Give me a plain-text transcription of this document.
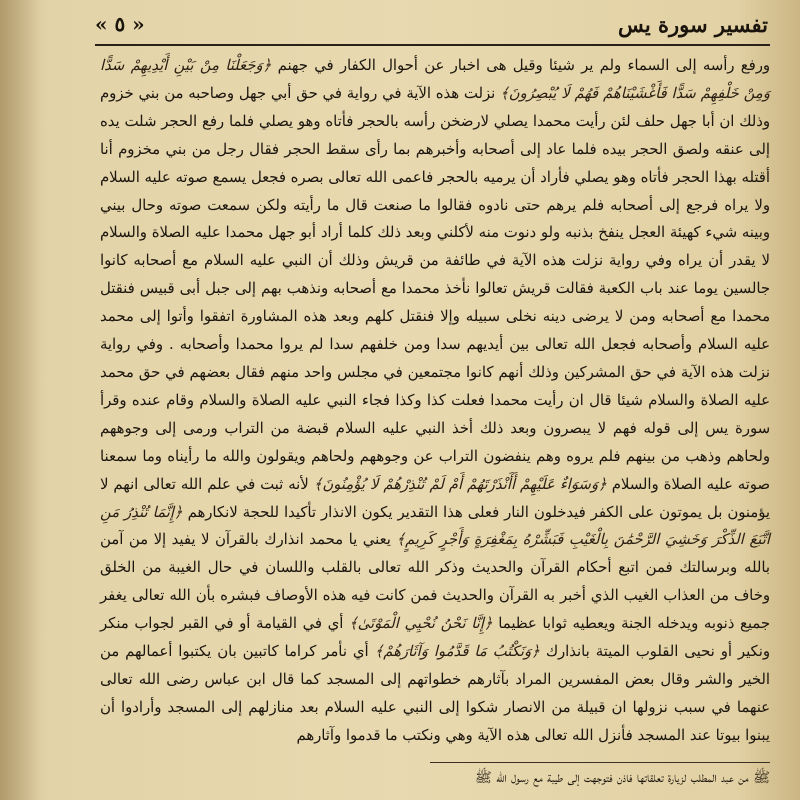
تفسير سورة يس
« ٥ »

ورفع رأسه إلى السماء ولم ير شيئا وقيل هى اخبار عن أحوال الكفار في جهنم ﴿وَجَعَلْنَا مِنْ بَيْنِ أَيْدِيهِمْ سَدًّا وَمِنْ خَلْفِهِمْ سَدًّا فَأَغْشَيْنَاهُمْ فَهُمْ لَا يُبْصِرُونَ﴾ نزلت هذه الآية في رواية في حق أبي جهل وصاحبه من بني خزوم وذلك ان أبا جهل حلف لئن رأيت محمدا يصلي لارضخن رأسه بالحجر فأتاه وهو يصلي فلما رفع الحجر شلت يده إلى عنقه ولصق الحجر بيده فلما عاد إلى أصحابه وأخبرهم بما رأى سقط الحجر فقال رجل من بني مخزوم أنا أقتله بهذا الحجر فأتاه وهو يصلي فأراد أن يرميه بالحجر فاعمى الله تعالى بصره فجعل يسمع صوته عليه السلام ولا يراه فرجع إلى أصحابه فلم يرهم حتى نادوه فقالوا ما صنعت قال ما رأيته ولكن سمعت صوته وحال بيني وبينه شيء كهيئة العجل ينفخ بذنبه ولو دنوت منه لأكلني وبعد ذلك كلما أراد أبو جهل محمدا عليه الصلاة والسلام لا يقدر أن يراه وفي رواية نزلت هذه الآية في طائفة من قريش وذلك أن النبي عليه السلام مع أصحابه كانوا جالسين يوما عند باب الكعبة فقالت قريش تعالوا نأخذ محمدا مع أصحابه ونذهب بهم إلى جبل أبى قبيس فنقتل محمدا مع أصحابه ومن لا يرضى دينه نخلى سبيله وإلا فنقتل كلهم وبعد هذه المشاورة اتفقوا وأتوا إلى محمد عليه السلام وأصحابه فجعل الله تعالى بين أيديهم سدا ومن خلفهم سدا لم يروا محمدا وأصحابه . وفي رواية نزلت هذه الآية في حق المشركين وذلك أنهم كانوا مجتمعين في مجلس واحد منهم فقال بعضهم في حق محمد عليه الصلاة والسلام شيئا قال ان رأيت محمدا فعلت كذا وكذا فجاء النبي عليه الصلاة والسلام وقام عنده وقرأ سورة يس إلى قوله فهم لا يبصرون وبعد ذلك أخذ النبي عليه السلام قبضة من التراب ورمى إلى وجوههم ولحاهم وذهب من بينهم فلم يروه وهم ينفضون التراب عن وجوههم ولحاهم ويقولون والله ما رأيناه وما سمعنا صوته عليه الصلاة والسلام ﴿وَسَوَاءٌ عَلَيْهِمْ أَأَنْذَرْتَهُمْ أَمْ لَمْ تُنْذِرْهُمْ لَا يُؤْمِنُونَ﴾ لأنه ثبت في علم الله تعالى انهم لا يؤمنون بل يموتون على الكفر فيدخلون النار فعلى هذا التقدير يكون الانذار تأكيدا للحجة لانكارهم ﴿إِنَّمَا تُنْذِرُ مَنِ اتَّبَعَ الذِّكْرَ وَخَشِيَ الرَّحْمَٰنَ بِالْغَيْبِ فَبَشِّرْهُ بِمَغْفِرَةٍ وَأَجْرٍ كَرِيمٍ﴾ يعني يا محمد انذارك بالقرآن لا يفيد إلا من آمن بالله وبرسالتك فمن اتبع أحكام القرآن والحديث وذكر الله تعالى بالقلب واللسان في حال الغيبة من الخلق وخاف من العذاب الغيب الذي أخبر به القرآن والحديث فمن كانت فيه هذه الأوصاف فبشره بأن الله تعالى يغفر جميع ذنوبه ويدخله الجنة ويعطيه ثوابا عظيما ﴿إِنَّا نَحْنُ نُحْيِي الْمَوْتَىٰ﴾ أي في القيامة أو في القبر لجواب منكر ونكير أو نحيى القلوب الميتة بانذارك ﴿وَنَكْتُبُ مَا قَدَّمُوا وَآثَارَهُمْ﴾ أي نأمر كراما كاتبين بان يكتبوا أعمالهم من الخير والشر وقال بعض المفسرين المراد بآثارهم خطواتهم إلى المسجد كما قال ابن عباس رضى الله تعالى عنهما في سبب نزولها ان قبيلة من الانصار شكوا إلى النبي عليه السلام بعد منازلهم إلى المسجد وأرادوا أن يبنوا بيوتا عند المسجد فأنزل الله تعالى هذه الآية وهي ونكتب ما قدموا وآثارهم

ﷺ من عبد المطلب لزيارة تعلقاتها فاذن فتوجهت إلى طيبة مع رسول الله ﷺ
